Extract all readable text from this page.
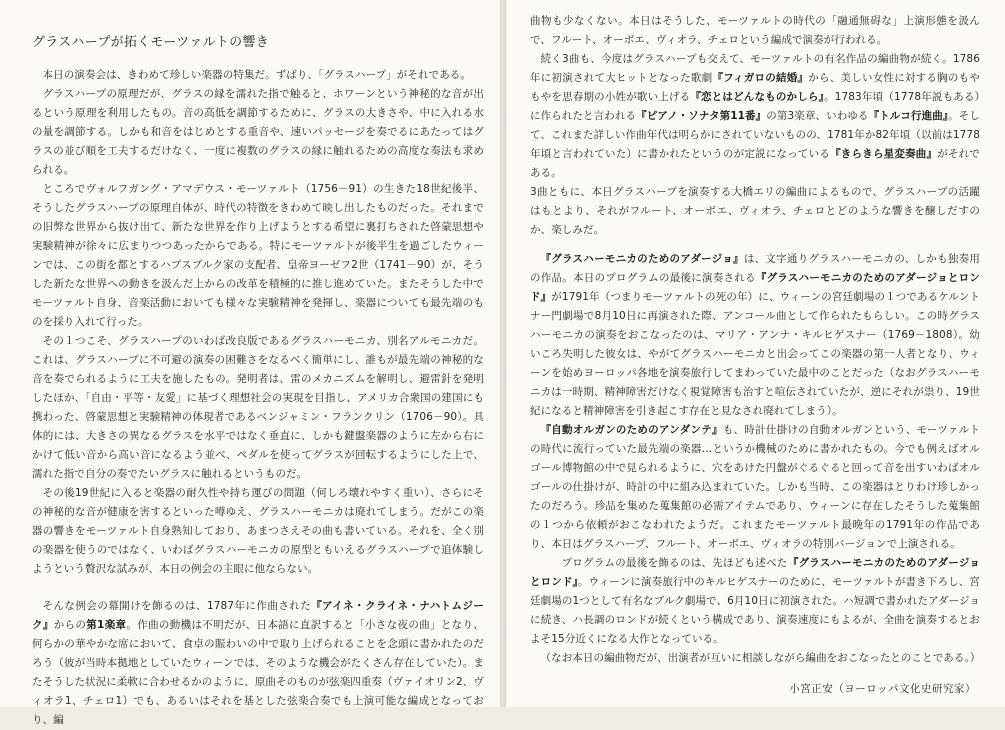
グラスハープが拓くモーツァルトの響き

本日の演奏会は、きわめて珍しい楽器の特集だ。ずばり、「グラスハープ」がそれである。

グラスハープの原理だが、グラスの縁を濡れた指で触ると、ホワーンという神秘的な音が出るという原理を利用したもの。音の高低を調節するために、グラスの大きさや、中に入れる水の量を調節する。しかも和音をはじめとする重音や、速いパッセージを奏でるにあたってはグラスの並び順を工夫するだけなく、一度に複数のグラスの縁に触れるための高度な奏法も求められる。

ところでヴォルフガング・アマデウス・モーツァルト（1756－91）の生きた18世紀後半、そうしたグラスハープの原理自体が、時代の特徴をきわめて映し出したものだった。それまでの旧弊な世界から抜け出て、新たな世界を作り上げようとする希望に裏打ちされた啓蒙思想や実験精神が徐々に広まりつつあったからである。特にモーツァルトが後半生を過ごしたウィーンでは、この街を都とするハプスブルク家の支配者、皇帝ヨーゼフ2世（1741－90）が、そうした新たな世界への動きを汲んだ上からの改革を積極的に推し進めていた。またそうした中でモーツァルト自身、音楽活動においても様々な実験精神を発揮し、楽器についても最先端のものを採り入れて行った。

その１つこそ、グラスハープのいわば改良版であるグラスハーモニカ、別名アルモニカだ。これは、グラスハープに不可避の演奏の困難さをなるべく簡単にし、誰もが最先端の神秘的な音を奏でられるように工夫を施したもの。発明者は、雷のメカニズムを解明し、避雷針を発明したほか、「自由・平等・友愛」に基づく理想社会の実現を目指し、アメリカ合衆国の建国にも携わった、啓蒙思想と実験精神の体現者であるベンジャミン・フランクリン（1706－90）。具体的には、大きさの異なるグラスを水平ではなく垂直に、しかも鍵盤楽器のように左から右にかけて低い音から高い音になるよう並べ、ペダルを使ってグラスが回転するようにした上で、濡れた指で自分の奏でたいグラスに触れるというものだ。

その後19世紀に入ると楽器の耐久性や持ち運びの問題（何しろ壊れやすく重い）、さらにその神秘的な音が健康を害するといった噂ゆえ、グラスハーモニカは廃れてしまう。だがこの楽器の響きをモーツァルト自身熟知しており、あまつさえその曲も書いている。それを、全く別の楽器を使うのではなく、いわばグラスハーモニカの原型ともいえるグラスハープで追体験しようという贅沢な試みが、本日の例会の主眼に他ならない。

そんな例会の幕開けを飾るのは、1787年に作曲された『アイネ・クライネ・ナハトムジーク』からの第1楽章。作曲の動機は不明だが、日本語に直訳すると「小さな夜の曲」となり、何らかの華やかな席において、食卓の賑わいの中で取り上げられることを念頭に書かれたのだろう（彼が当時本拠地としていたウィーンでは、そのような機会がたくさん存在していた）。またそうした状況に柔軟に合わせるかのように、原曲そのものが弦楽四重奏（ヴァイオリン2、ヴィオラ1、チェロ1）でも、あるいはそれを基とした弦楽合奏でも上演可能な編成となっており、編

曲物も少なくない。本日はそうした、モーツァルトの時代の「融通無碍な」上演形態を汲んで、フルート、オーボエ、ヴィオラ、チェロという編成で演奏が行われる。

続く3曲も、今度はグラスハープも交えて、モーツァルトの有名作品の編曲物が続く。1786年に初演されて大ヒットとなった歌劇『フィガロの結婚』から、美しい女性に対する胸のもやもやを思春期の小姓が歌い上げる『恋とはどんなものかしら』。1783年頃（1778年説もある）に作られたと言われる『ピアノ・ソナタ第11番』の第3楽章、いわゆる『トルコ行進曲』。そして、これまた詳しい作曲年代は明らかにされていないものの、1781年か82年頃（以前は1778年頃と言われていた）に書かれたというのが定説になっている『きらきら星変奏曲』がそれである。

3曲ともに、本日グラスハープを演奏する大橋エリの編曲によるもので、グラスハープの活躍はもとより、それがフルート、オーボエ、ヴィオラ、チェロとどのような響きを醸しだすのか、楽しみだ。

『グラスハーモニカのためのアダージョ』は、文字通りグラスハーモニカの、しかも独奏用の作品。本日のプログラムの最後に演奏される『グラスハーモニカのためのアダージョとロンド』が1791年（つまりモーツァルトの死の年）に、ウィーンの宮廷劇場の１つであるケルントナー門劇場で8月10日に再演された際、アンコール曲として作られたもらしい。この時グラスハーモニカの演奏をおこなったのは、マリア・アンナ・キルヒゲスナー（1769－1808）。幼いころ失明した彼女は、やがてグラスハーモニカと出会ってこの楽器の第一人者となり、ウィーンを始めヨーロッパ各地を演奏旅行してまわっていた最中のことだった（なおグラスハーモニカは一時期、精神障害だけなく視覚障害も治すと喧伝されていたが、逆にそれが祟り、19世紀になると精神障害を引き起こす存在と見なされ廃れてしまう）。

『自動オルガンのためのアンダンテ』も、時計仕掛けの自動オルガンという、モーツァルトの時代に流行っていた最先端の楽器…というか機械のために書かれたもの。今でも例えばオルゴール博物館の中で見られるように、穴をあけた円盤がぐるぐると回って音を出すいわばオルゴールの仕掛けが、時計の中に組み込まれていた。しかも当時、この楽器はとりわけ珍しかったのだろう。珍品を集めた蒐集館の必需アイテムであり、ウィーンに存在したそうした蒐集館の１つから依頼がおこなわれたようだ。これまたモーツァルト最晩年の1791年の作品であり、本日はグラスハープ、フルート、オーボエ、ヴィオラの特別バージョンで上演される。

プログラムの最後を飾るのは、先ほども述べた『グラスハーモニカのためのアダージョとロンド』。ウィーンに演奏旅行中のキルヒゲスナーのために、モーツァルトが書き下ろし、宮廷劇場の1つとして有名なブルク劇場で、6月10日に初演された。ハ短調で書かれたアダージョに続き、ハ長調のロンドが続くという構成であり、演奏速度にもよるが、全曲を演奏するとおよそ15分近くになる大作となっている。

（なお本日の編曲物だが、出演者が互いに相談しながら編曲をおこなったとのことである。）

小宮正安（ヨーロッパ文化史研究家）
